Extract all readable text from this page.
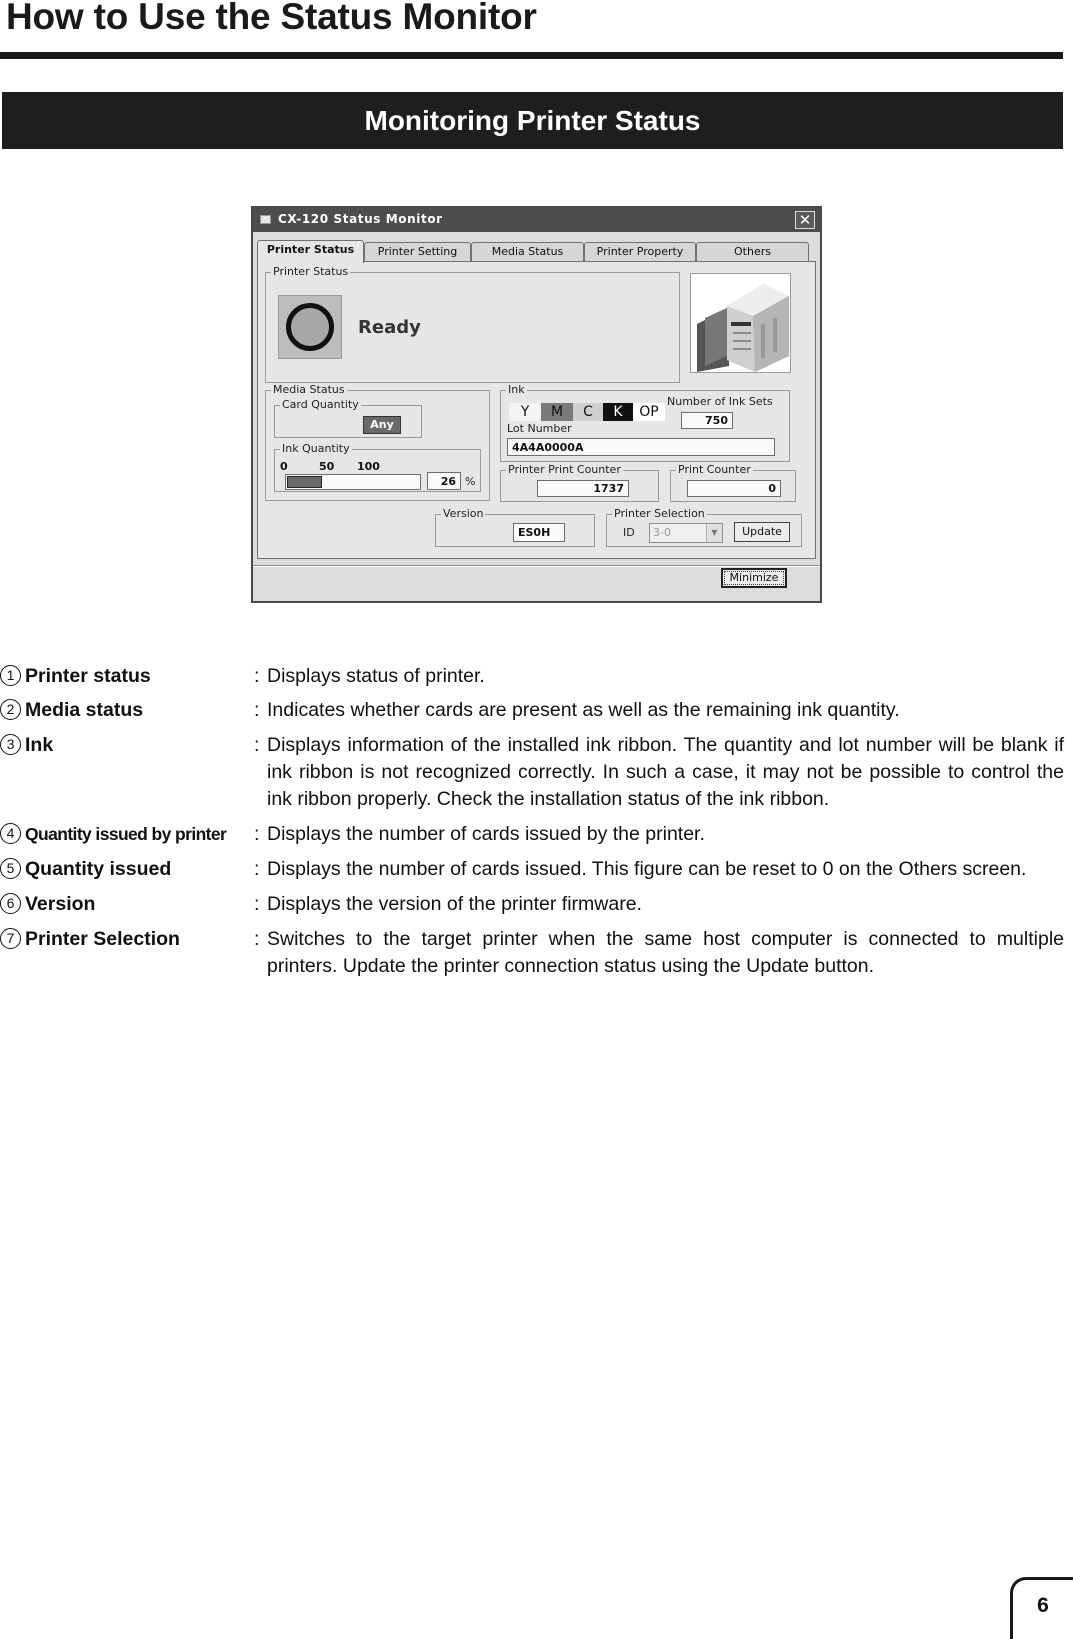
How to Use the Status Monitor
Monitoring Printer Status
CX-120 Status Monitor	✕
Printer Status	Printer Setting	Media Status	Printer Property	Others
Printer Status
Ready
Media Status
Card Quantity
Any
Ink Quantity
0	50 100
26 %
Ink
Y	M	C	K	OP
Number of Ink Sets
750
Lot Number
4A4A0000A
Printer Print Counter
1737
Print Counter
0
Version
ES0H
Printer Selection
ID	3-0	▼	Update
Minimize
1 Printer status	: Displays status of printer.
2 Media status	: Indicates whether cards are present as well as the remaining ink quantity.
3 Ink	: Displays information of the installed ink ribbon. The quantity and lot number will be blank if ink ribbon is not recognized correctly. In such a case, it may not be possible to control the ink ribbon properly. Check the installation status of the ink ribbon.
4 Quantity issued by printer : Displays the number of cards issued by the printer.
5 Quantity issued	: Displays the number of cards issued. This figure can be reset to 0 on the Others screen.
6 Version	: Displays the version of the printer firmware.
7 Printer Selection	: Switches to the target printer when the same host computer is connected to multiple printers. Update the printer connection status using the Update button.
6
